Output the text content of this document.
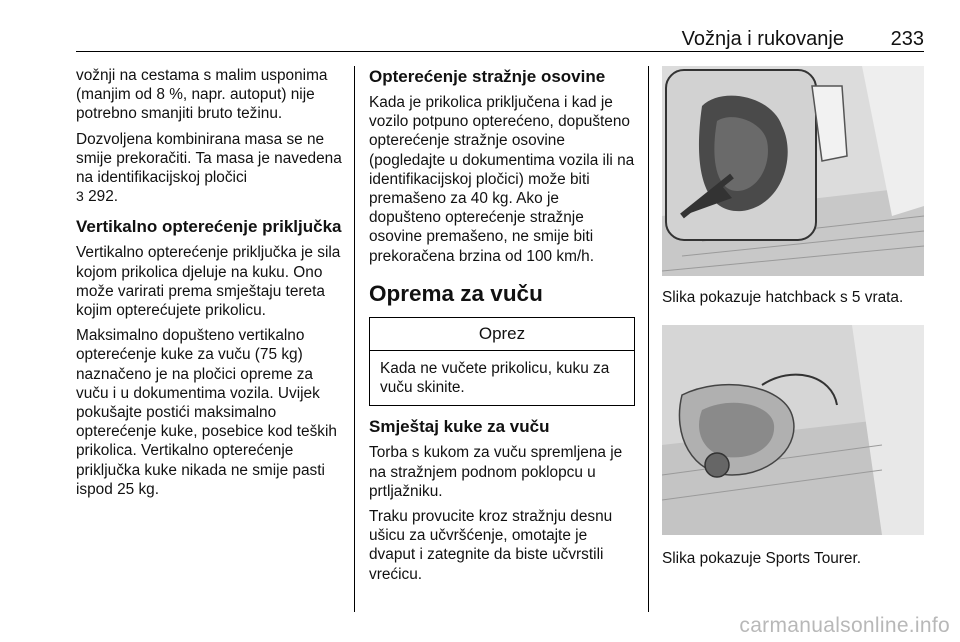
Vožnja i rukovanje 233

vožnji na cestama s malim usponima (manjim od 8 %, napr. autoput) nije potrebno smanjiti bruto težinu.

Dozvoljena kombinirana masa se ne smije prekoračiti. Ta masa je navedena na identifikacijskoj pločici
3 292.

Vertikalno opterećenje priključka

Vertikalno opterećenje priključka je sila kojom prikolica djeluje na kuku. Ono može varirati prema smještaju tereta kojim opterećujete prikolicu.

Maksimalno dopušteno vertikalno opterećenje kuke za vuču (75 kg) naznačeno je na pločici opreme za vuču i u dokumentima vozila. Uvijek pokušajte postići maksimalno opterećenje kuke, posebice kod teških prikolica. Vertikalno opterećenje priključka kuke nikada ne smije pasti ispod 25 kg.

Opterećenje stražnje osovine

Kada je prikolica priključena i kad je vozilo potpuno opterećeno, dopušteno opterećenje stražnje osovine (pogledajte u dokumentima vozila ili na identifikacijskoj pločici) može biti premašeno za 40 kg. Ako je dopušteno opterećenje stražnje osovine premašeno, ne smije biti prekoračena brzina od 100 km/h.

Oprema za vuču
Oprez
Kada ne vučete prikolicu, kuku za vuču skinite.
Smještaj kuke za vuču

Torba s kukom za vuču spremljena je na stražnjem podnom poklopcu u prtljažniku.

Traku provucite kroz stražnju desnu ušicu za učvršćenje, omotajte je dvaput i zategnite da biste učvrstili vrećicu.

Slika pokazuje hatchback s 5 vrata.

Slika pokazuje Sports Tourer.

carmanualsonline.info
